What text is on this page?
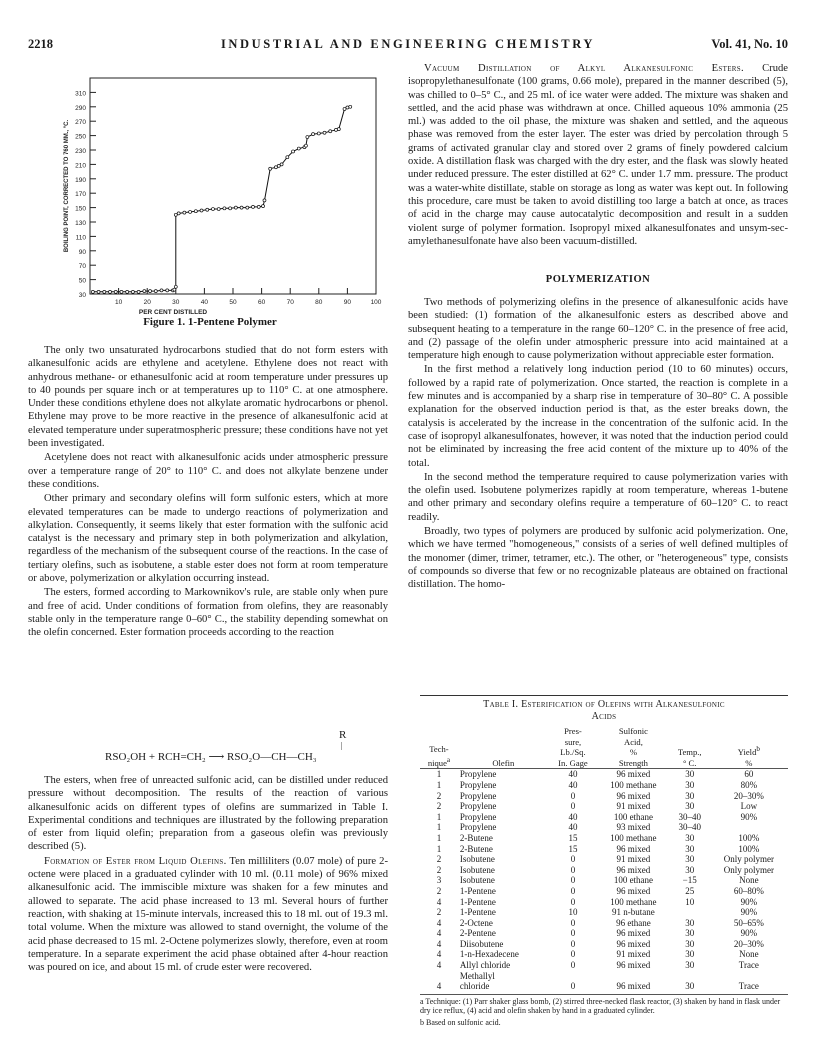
2218	INDUSTRIAL AND ENGINEERING CHEMISTRY	Vol. 41, No. 10
30
50
70
90
110
130
150
170
190
210
230
250
270
290
310
10	20	30	40	50	60	70	80	90	100
PER CENT DISTILLED
BOILING POINT, CORRECTED TO 760 MM., °C.
Figure 1. 1-Pentene Polymer

The only two unsaturated hydrocarbons studied that do not form esters with alkanesulfonic acids are ethylene and acetylene. Ethylene does not react with anhydrous methane- or ethanesulfonic acid at room temperature under pressures up to 40 pounds per square inch or at temperatures up to 110° C. at one atmosphere. Under these conditions ethylene does not alkylate aromatic hydrocarbons or phenol. Ethylene may prove to be more reactive in the presence of alkanesulfonic acid at elevated temperature under superatmospheric pressure; these conditions have not yet been investigated.

Acetylene does not react with alkanesulfonic acids under atmospheric pressure over a temperature range of 20° to 110° C. and does not alkylate benzene under these conditions.

Other primary and secondary olefins will form sulfonic esters, which at more elevated temperatures can be made to undergo reactions of polymerization and alkylation. Consequently, it seems likely that ester formation with the sulfonic acid catalyst is the necessary and primary step in both polymerization and alkylation, regardless of the mechanism of the subsequent course of the reactions. In the case of tertiary olefins, such as isobutene, a stable ester does not form at room temperature or above, polymerization or alkylation occurring instead.

The esters, formed according to Markownikov's rule, are stable only when pure and free of acid. Under conditions of formation from olefins, they are reasonably stable only in the temperature range 0–60° C., the stability depending somewhat on the olefin concerned. Ester formation proceeds according to the reaction

R
|
RSO₂OH + RCH=CH₂ ⟶ RSO₂O—CH—CH₃

The esters, when free of unreacted sulfonic acid, can be distilled under reduced pressure without decomposition. The results of the reaction of various alkanesulfonic acids on different types of olefins are summarized in Table I. Experimental conditions and techniques are illustrated by the following preparation of ester from liquid olefin; preparation from a gaseous olefin was previously described (5).

Formation of Ester from Liquid Olefins. Ten milliliters (0.07 mole) of pure 2-octene were placed in a graduated cylinder with 10 ml. (0.11 mole) of 96% mixed alkanesulfonic acid. The immiscible mixture was shaken for a few minutes and allowed to separate. The acid phase increased to 13 ml. Several hours of further reaction, with shaking at 15-minute intervals, increased this to 18 ml. out of 19.3 ml. total volume. When the mixture was allowed to stand overnight, the volume of the acid phase decreased to 15 ml. 2-Octene polymerizes slowly, therefore, even at room temperature. In a separate experiment the acid phase obtained after 4-hour reaction was poured on ice, and about 15 ml. of crude ester were recovered.

Vacuum Distillation of Alkyl Alkanesulfonic Esters. Crude isopropylethanesulfonate (100 grams, 0.66 mole), prepared in the manner described (5), was chilled to 0–5° C., and 25 ml. of ice water were added. The mixture was shaken and settled, and the acid phase was withdrawn at once. Chilled aqueous 10% ammonia (25 ml.) was added to the oil phase, the mixture was shaken and settled, and the aqueous phase was removed from the ester layer. The ester was dried by percolation through 5 grams of activated granular clay and stored over 2 grams of finely powdered calcium oxide. A distillation flask was charged with the dry ester, and the flask was slowly heated under reduced pressure. The ester distilled at 62° C. under 1.7 mm. pressure. The product was a water-white distillate, stable on storage as long as water was kept out. In following this procedure, care must be taken to avoid distilling too large a batch at once, as traces of acid in the charge may cause autocatalytic decomposition and result in a sudden violent surge of polymer formation. Isopropyl mixed alkanesulfonates and unsym-sec-amylethanesulfonate have also been vacuum-distilled.

POLYMERIZATION

Two methods of polymerizing olefins in the presence of alkanesulfonic acids have been studied: (1) formation of the alkanesulfonic esters as described above and subsequent heating to a temperature in the range 60–120° C. in the presence of free acid, and (2) passage of the olefin under atmospheric pressure into acid maintained at a temperature high enough to cause polymerization without appreciable ester formation.

In the first method a relatively long induction period (10 to 60 minutes) occurs, followed by a rapid rate of polymerization. Once started, the reaction is complete in a few minutes and is accompanied by a sharp rise in temperature of 30–80° C. A possible explanation for the observed induction period is that, as the ester breaks down, the catalysis is accelerated by the increase in the concentration of the sulfonic acid. In the case of isopropyl alkanesulfonates, however, it was noted that the induction period could not be eliminated by increasing the free acid content of the mixture up to 40% of the total.

In the second method the temperature required to cause polymerization varies with the olefin used. Isobutene polymerizes rapidly at room temperature, whereas 1-butene and other primary and secondary olefins require a temperature of 60–120° C. to react readily.

Broadly, two types of polymers are produced by sulfonic acid polymerization. One, which we have termed "homogeneous," consists of a series of well defined multiples of the monomer (dimer, trimer, tetramer, etc.). The other, or "heterogeneous" type, consists of compounds so diverse that few or no recognizable plateaus are obtained on fractional distillation. The homo-

Table I. Esterification of Olefins with Alkanesulfonic
Acids
Tech-
nique$^a$	Olefin	Pres-
sure,
Lb./Sq.
In. Gage	Sulfonic
Acid,
%
Strength	Temp.,
° C.	Yield$^b$
%
1	Propylene	40	96 mixed	30	60
1	Propylene	40	100 methane	30	80%
2	Propylene	0	96 mixed	30	20–30%
2	Propylene	0	91 mixed	30	Low
1	Propylene	40	100 ethane	30–40	90%
1	Propylene	40	93 mixed	30–40	
1	2-Butene	15	100 methane	30	100%
1	2-Butene	15	96 mixed	30	100%
2	Isobutene	0	91 mixed	30	Only polymer
2	Isobutene	0	96 mixed	30	Only polymer
3	Isobutene	0	100 ethane	−15	None
2	1-Pentene	0	96 mixed	25	60–80%
4	1-Pentene	0	100 methane	10	90%
2	1-Pentene	10	91 n-butane		90%
4	2-Octene	0	96 ethane	30	50–65%
4	2-Pentene	0	96 mixed	30	90%
4	Diisobutene	0	96 mixed	30	20–30%
4	1-n-Hexadecene	0	91 mixed	30	None
4	Allyl chloride	0	96 mixed	30	Trace
4	Methallyl
chloride	0	96 mixed	30	Trace
a Technique: (1) Parr shaker glass bomb, (2) stirred three-necked flask reactor, (3) shaken by hand in flask under dry ice reflux, (4) acid and olefin shaken by hand in a graduated cylinder.
b Based on sulfonic acid.
